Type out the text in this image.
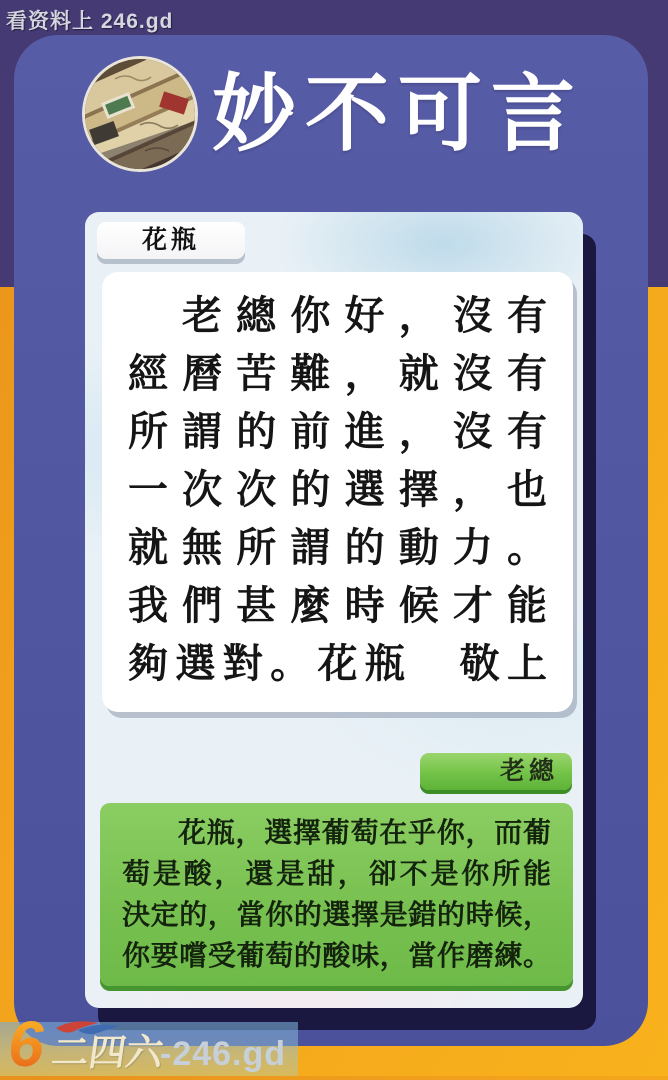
看资料上 246.gd
妙不可言
花瓶
老總你好，沒有
經曆苦難，就沒有
所謂的前進，沒有
一次次的選擇，也
就無所謂的動力。
我們甚麼時候才能
夠選對。花瓶　敬上
老總
花瓶，選擇葡萄在乎你，而葡
萄是酸，還是甜，卻不是你所能
決定的，當你的選擇是錯的時候，
你要嚐受葡萄的酸味，當作磨練。
6 二四六
-246.gd
